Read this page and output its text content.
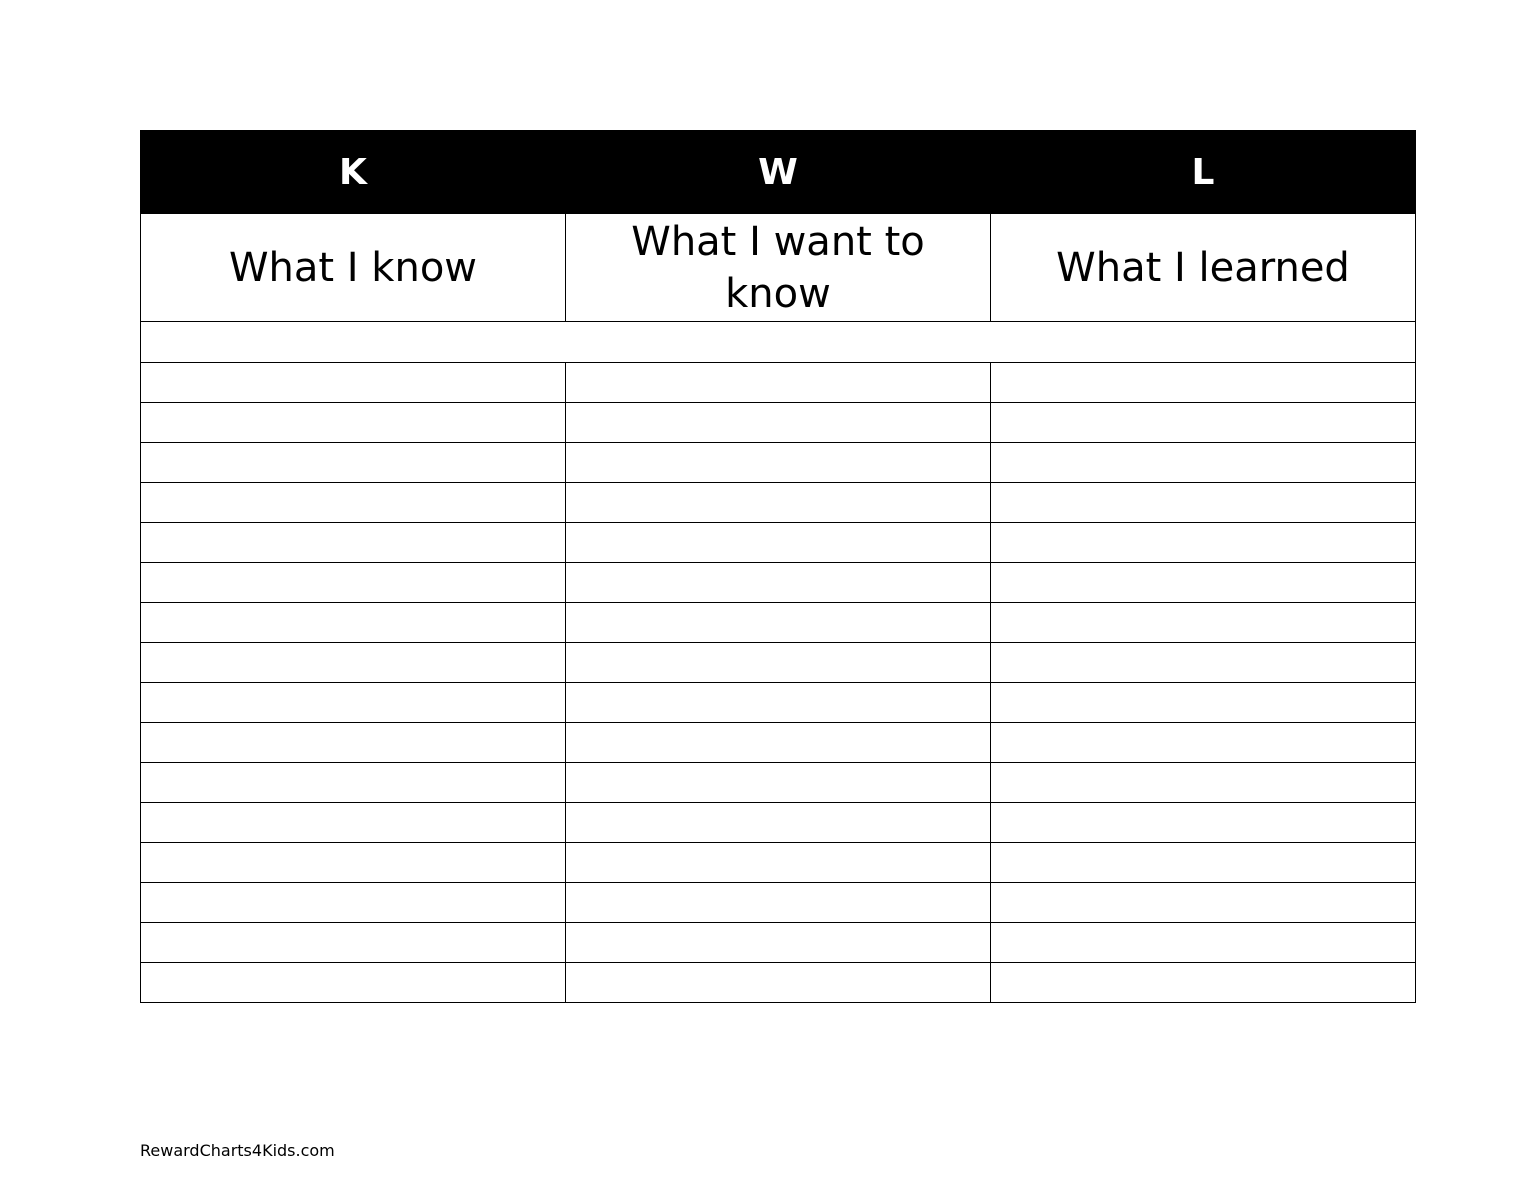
K	W	L
What I know	What I want to know	What I learned

RewardCharts4Kids.com
